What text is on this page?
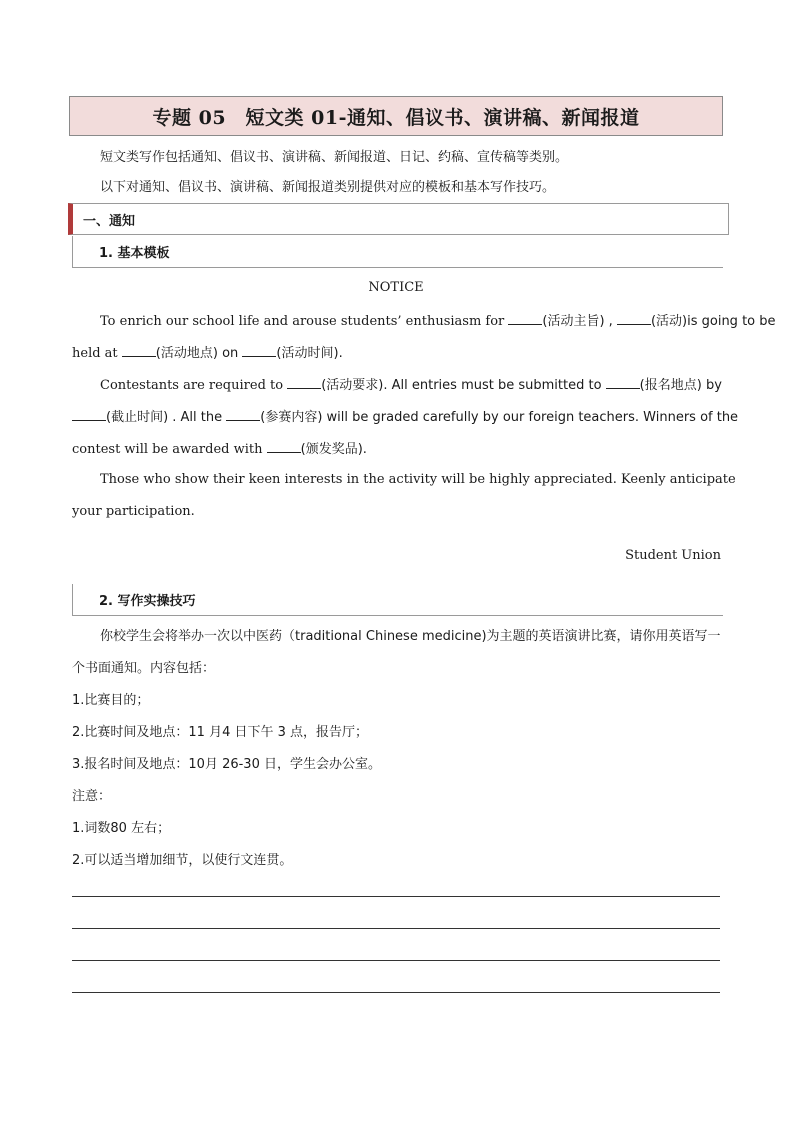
专题 05　短文类 01-通知、倡议书、演讲稿、新闻报道
短文类写作包括通知、倡议书、演讲稿、新闻报道、日记、约稿、宣传稿等类别。
以下对通知、倡议书、演讲稿、新闻报道类别提供对应的模板和基本写作技巧。
一、通知
1. 基本模板
NOTICE
To enrich our school life and arouse students’ enthusiasm for	(活动主旨) ,	(活动)is going to be
held at	(活动地点) on	(活动时间).
Contestants are required to	(活动要求). All entries must be submitted to	(报名地点) by
(截止时间) . All the	(参赛内容) will be graded carefully by our foreign teachers. Winners of the
contest will be awarded with	(颁发奖品).
Those who show their keen interests in the activity will be highly appreciated. Keenly anticipate
your participation.
Student Union
2. 写作实操技巧
你校学生会将举办一次以中医药（traditional Chinese medicine)为主题的英语演讲比赛，请你用英语写一
个书面通知。内容包括：
1.比赛目的；
2.比赛时间及地点：11 月4 日下午 3 点，报告厅；
3.报名时间及地点：10月 26-30 日，学生会办公室。
注意：
1.词数80 左右；
2.可以适当增加细节，以使行文连贯。
